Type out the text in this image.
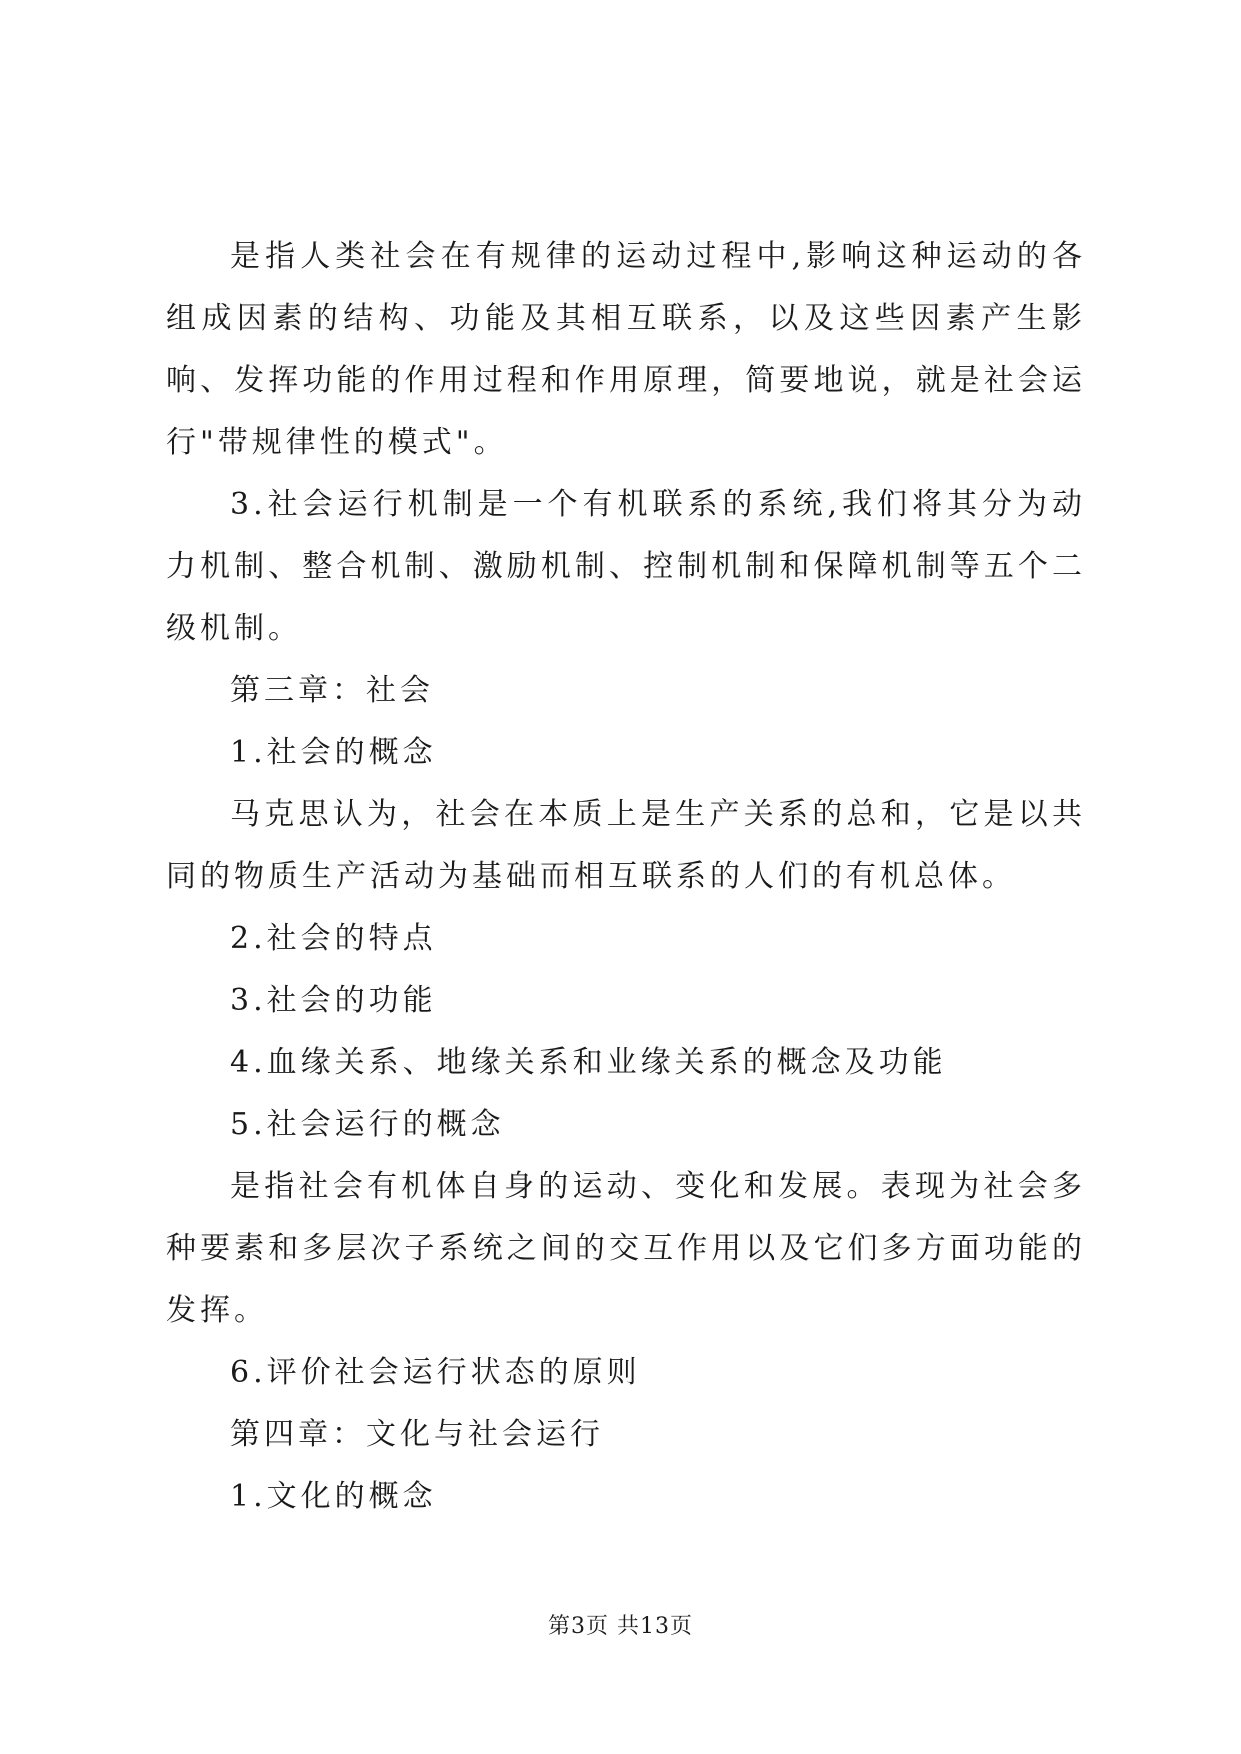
是指人类社会在有规律的运动过程中,影响这种运动的各组成因素的结构、功能及其相互联系，以及这些因素产生影响、发挥功能的作用过程和作用原理，简要地说，就是社会运行"带规律性的模式"。

3.社会运行机制是一个有机联系的系统,我们将其分为动力机制、整合机制、激励机制、控制机制和保障机制等五个二级机制。

第三章：社会

1.社会的概念

马克思认为，社会在本质上是生产关系的总和，它是以共同的物质生产活动为基础而相互联系的人们的有机总体。

2.社会的特点

3.社会的功能

4.血缘关系、地缘关系和业缘关系的概念及功能

5.社会运行的概念

是指社会有机体自身的运动、变化和发展。表现为社会多种要素和多层次子系统之间的交互作用以及它们多方面功能的发挥。

6.评价社会运行状态的原则

第四章：文化与社会运行

1.文化的概念

第3页 共13页
